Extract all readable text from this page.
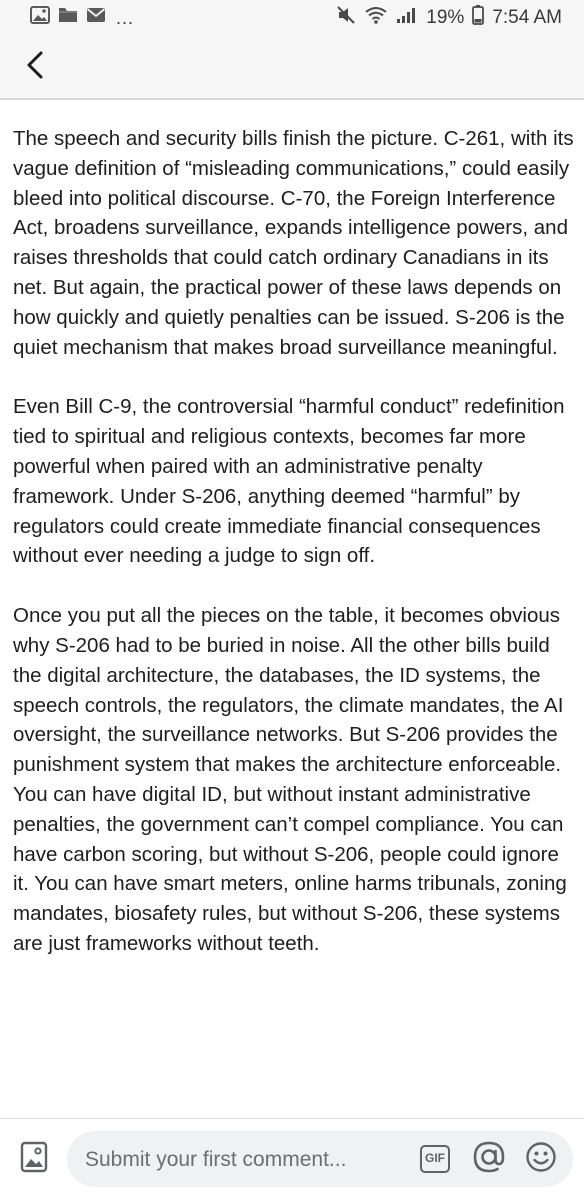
...	19% 7:54 AM

The speech and security bills finish the picture. C-261, with its vague definition of “misleading communications,” could easily bleed into political discourse. C-70, the Foreign Interference Act, broadens surveillance, expands intelligence powers, and raises thresholds that could catch ordinary Canadians in its net. But again, the practical power of these laws depends on how quickly and quietly penalties can be issued. S-206 is the quiet mechanism that makes broad surveillance meaningful.

Even Bill C-9, the controversial “harmful conduct” redefinition tied to spiritual and religious contexts, becomes far more powerful when paired with an administrative penalty framework. Under S-206, anything deemed “harmful” by regulators could create immediate financial consequences without ever needing a judge to sign off.

Once you put all the pieces on the table, it becomes obvious why S-206 had to be buried in noise. All the other bills build the digital architecture, the databases, the ID systems, the speech controls, the regulators, the climate mandates, the AI oversight, the surveillance networks. But S-206 provides the punishment system that makes the architecture enforceable. You can have digital ID, but without instant administrative penalties, the government can’t compel compliance. You can have carbon scoring, but without S-206, people could ignore it. You can have smart meters, online harms tribunals, zoning mandates, biosafety rules, but without S-206, these systems are just frameworks without teeth.

Submit your first comment...
GIF
